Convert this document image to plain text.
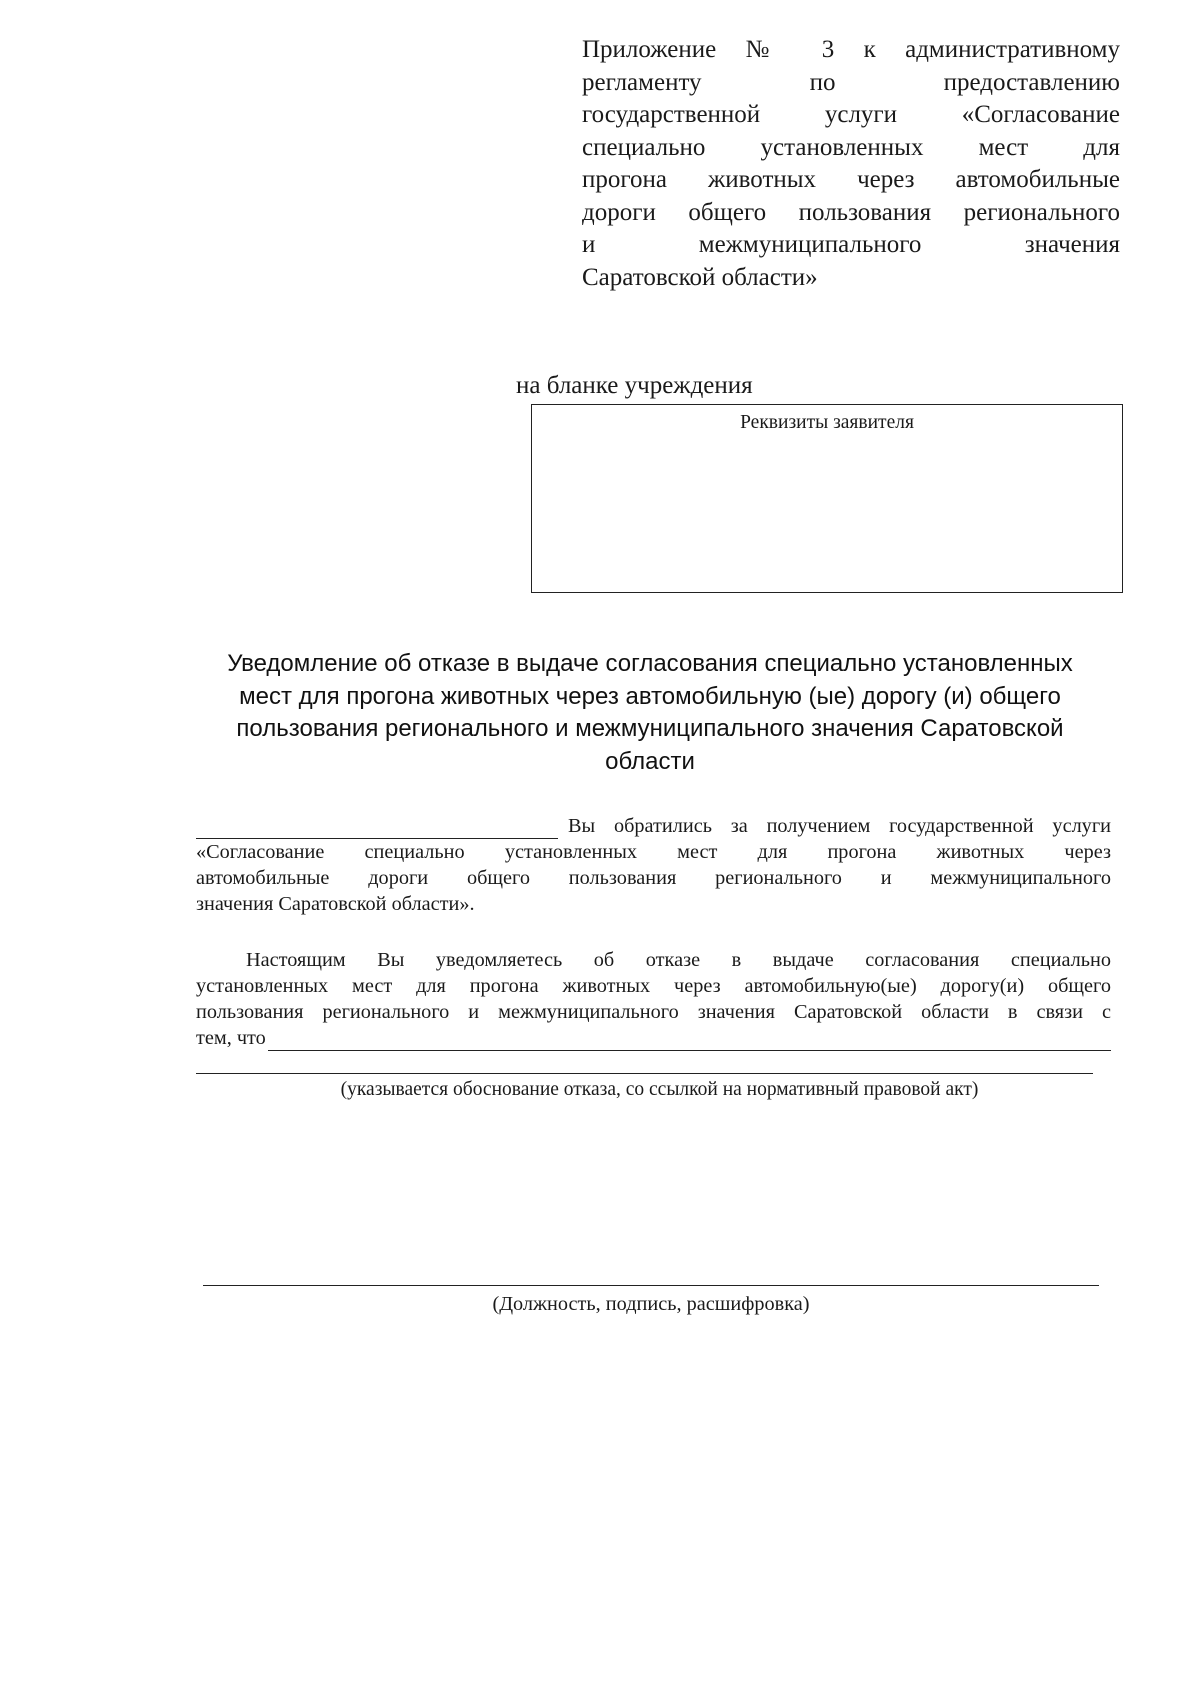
Приложение № 3 к административному
регламенту по предоставлению
государственной услуги «Согласование
специально установленных мест для
прогона животных через автомобильные
дороги общего пользования регионального
и межмуниципального значения
Саратовской области»
на бланке учреждения
Реквизиты заявителя
Уведомление об отказе в выдаче согласования специально установленных
мест для прогона животных через автомобильную (ые) дорогу (и) общего
пользования регионального и межмуниципального значения Саратовской
области
Вы обратились за получением государственной услуги
«Согласование специально установленных мест для прогона животных через
автомобильные дороги общего пользования регионального и межмуниципального
значения Саратовской области».
Настоящим Вы уведомляетесь об отказе в выдаче согласования специально
установленных мест для прогона животных через автомобильную(ые) дорогу(и) общего
пользования регионального и межмуниципального значения Саратовской области в связи с
тем, что
(указывается обоснование отказа, со ссылкой на нормативный правовой акт)
(Должность, подпись, расшифровка)
